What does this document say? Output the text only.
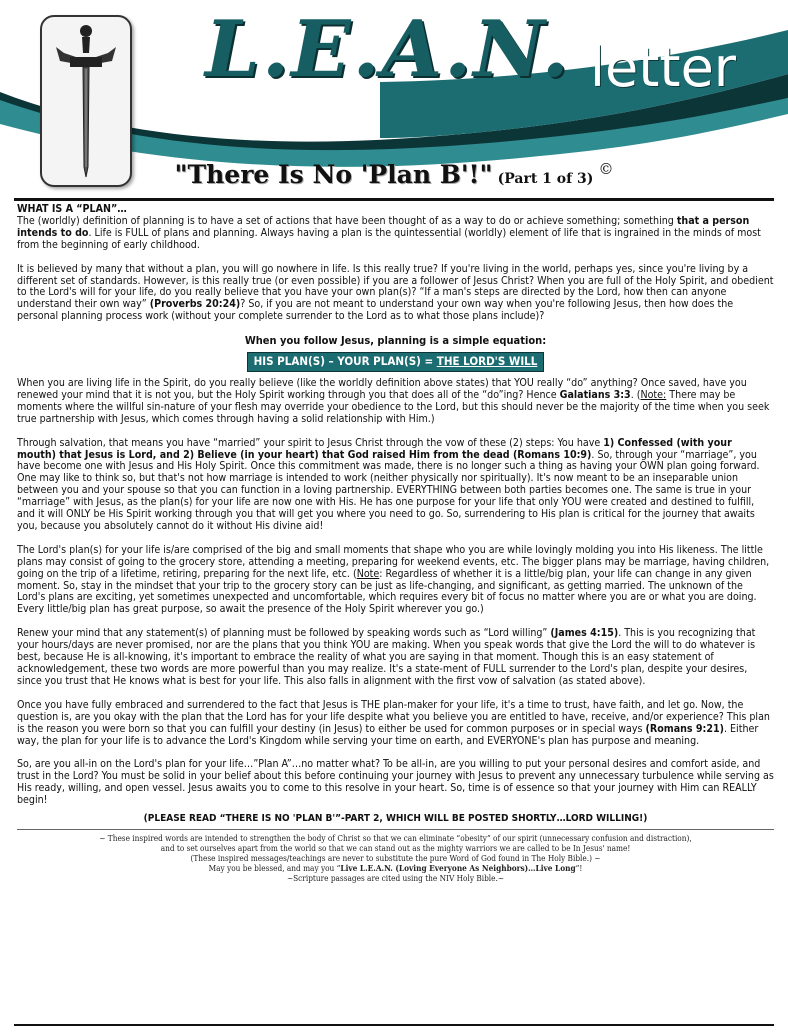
L.E.A.N. letter
"There Is No 'Plan B'!" (Part 1 of 3) ©
WHAT IS A “PLAN”…

The (worldly) definition of planning is to have a set of actions that have been thought of as a way to do or achieve something; something that a person intends to do. Life is FULL of plans and planning. Always having a plan is the quintessential (worldly) element of life that is ingrained in the minds of most from the beginning of early childhood.

It is believed by many that without a plan, you will go nowhere in life. Is this really true? If you're living in the world, perhaps yes, since you're living by a different set of standards. However, is this really true (or even possible) if you are a follower of Jesus Christ? When you are full of the Holy Spirit, and obedient to the Lord's will for your life, do you really believe that you have your own plan(s)? “If a man's steps are directed by the Lord, how then can anyone understand their own way” (Proverbs 20:24)? So, if you are not meant to understand your own way when you're following Jesus, then how does the personal planning process work (without your complete surrender to the Lord as to what those plans include)?

When you follow Jesus, planning is a simple equation:
HIS PLAN(S) – YOUR PLAN(S) = THE LORD'S WILL

When you are living life in the Spirit, do you really believe (like the worldly definition above states) that YOU really “do” anything? Once saved, have you renewed your mind that it is not you, but the Holy Spirit working through you that does all of the “do”ing? Hence Galatians 3:3. (Note: There may be moments where the willful sin-nature of your flesh may override your obedience to the Lord, but this should never be the majority of the time when you seek true partnership with Jesus, which comes through having a solid relationship with Him.)

Through salvation, that means you have “married” your spirit to Jesus Christ through the vow of these (2) steps: You have 1) Confessed (with your mouth) that Jesus is Lord, and 2) Believe (in your heart) that God raised Him from the dead (Romans 10:9). So, through your “marriage”, you have become one with Jesus and His Holy Spirit. Once this commitment was made, there is no longer such a thing as having your OWN plan going forward. One may like to think so, but that's not how marriage is intended to work (neither physically nor spiritually). It's now meant to be an inseparable union between you and your spouse so that you can function in a loving partnership. EVERYTHING between both parties becomes one. The same is true in your “marriage” with Jesus, as the plan(s) for your life are now one with His. He has one purpose for your life that only YOU were created and destined to fulfill, and it will ONLY be His Spirit working through you that will get you where you need to go. So, surrendering to His plan is critical for the journey that awaits you, because you absolutely cannot do it without His divine aid!

The Lord's plan(s) for your life is/are comprised of the big and small moments that shape who you are while lovingly molding you into His likeness. The little plans may consist of going to the grocery store, attending a meeting, preparing for weekend events, etc. The bigger plans may be marriage, having children, going on the trip of a lifetime, retiring, preparing for the next life, etc. (Note: Regardless of whether it is a little/big plan, your life can change in any given moment. So, stay in the mindset that your trip to the grocery story can be just as life-changing, and significant, as getting married. The unknown of the Lord's plans are exciting, yet sometimes unexpected and uncomfortable, which requires every bit of focus no matter where you are or what you are doing. Every little/big plan has great purpose, so await the presence of the Holy Spirit wherever you go.)

Renew your mind that any statement(s) of planning must be followed by speaking words such as “Lord willing” (James 4:15). This is you recognizing that your hours/days are never promised, nor are the plans that you think YOU are making. When you speak words that give the Lord the will to do whatever is best, because He is all-knowing, it's important to embrace the reality of what you are saying in that moment. Though this is an easy statement of acknowledgement, these two words are more powerful than you may realize. It's a state-ment of FULL surrender to the Lord's plan, despite your desires, since you trust that He knows what is best for your life. This also falls in alignment with the first vow of salvation (as stated above).

Once you have fully embraced and surrendered to the fact that Jesus is THE plan-maker for your life, it's a time to trust, have faith, and let go. Now, the question is, are you okay with the plan that the Lord has for your life despite what you believe you are entitled to have, receive, and/or experience? This plan is the reason you were born so that you can fulfill your destiny (in Jesus) to either be used for common purposes or in special ways (Romans 9:21). Either way, the plan for your life is to advance the Lord's Kingdom while serving your time on earth, and EVERYONE's plan has purpose and meaning.

So, are you all-in on the Lord's plan for your life…”Plan A”…no matter what? To be all-in, are you willing to put your personal desires and comfort aside, and trust in the Lord? You must be solid in your belief about this before continuing your journey with Jesus to prevent any unnecessary turbulence while serving as His ready, willing, and open vessel. Jesus awaits you to come to this resolve in your heart. So, time is of essence so that your journey with Him can REALLY begin!

(PLEASE READ “THERE IS NO 'PLAN B'”-PART 2, WHICH WILL BE POSTED SHORTLY…LORD WILLING!)
~ These inspired words are intended to strengthen the body of Christ so that we can eliminate “obesity” of our spirit (unnecessary confusion and distraction),
and to set ourselves apart from the world so that we can stand out as the mighty warriors we are called to be In Jesus' name!
(These inspired messages/teachings are never to substitute the pure Word of God found in The Holy Bible.) ~
May you be blessed, and may you “Live L.E.A.N. (Loving Everyone As Neighbors)…Live Long”!
~Scripture passages are cited using the NIV Holy Bible.~
